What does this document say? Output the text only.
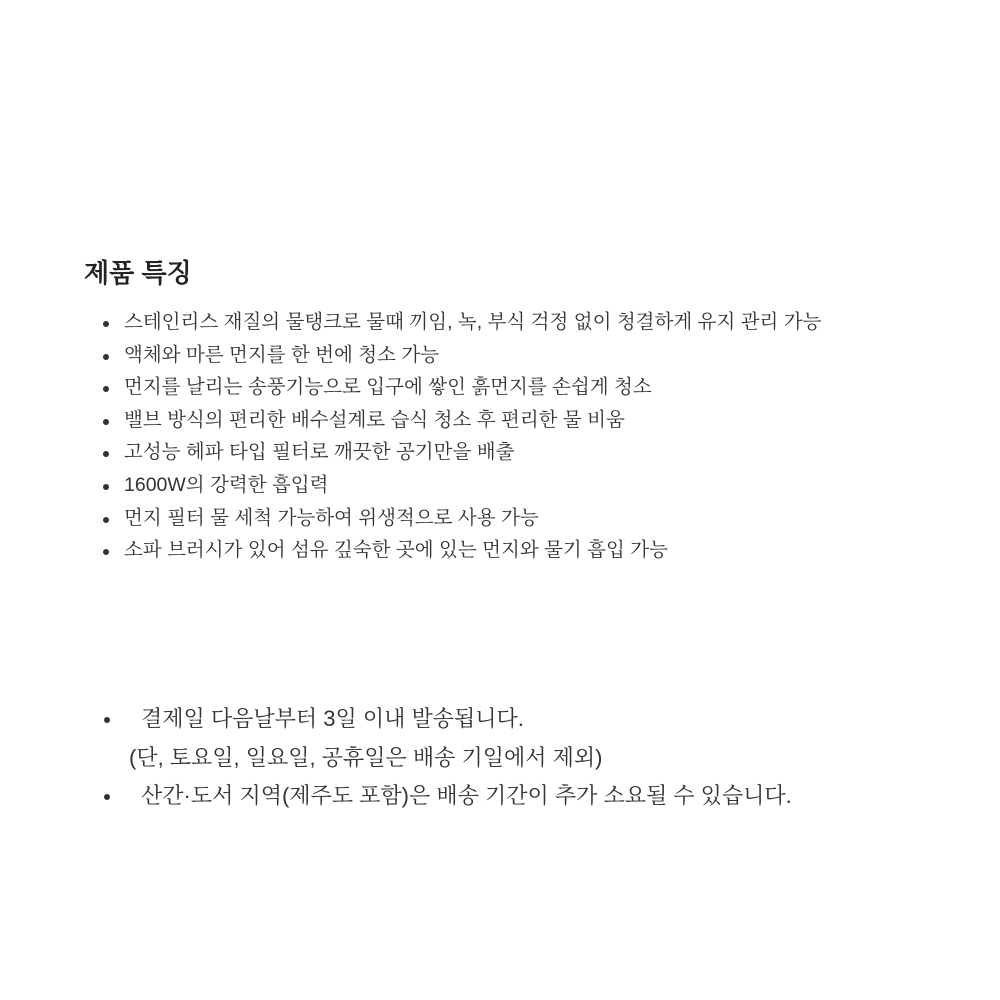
제품 특징
스테인리스 재질의 물탱크로 물때 끼임, 녹, 부식 걱정 없이 청결하게 유지 관리 가능
액체와 마른 먼지를 한 번에 청소 가능
먼지를 날리는 송풍기능으로 입구에 쌓인 흙먼지를 손쉽게 청소
밸브 방식의 편리한 배수설계로 습식 청소 후 편리한 물 비움
고성능 헤파 타입 필터로 깨끗한 공기만을 배출
1600W의 강력한 흡입력
먼지 필터 물 세척 가능하여 위생적으로 사용 가능
소파 브러시가 있어 섬유 깊숙한 곳에 있는 먼지와 물기 흡입 가능
결제일 다음날부터 3일 이내 발송됩니다.
(단, 토요일, 일요일, 공휴일은 배송 기일에서 제외)
산간·도서 지역(제주도 포함)은 배송 기간이 추가 소요될 수 있습니다.
